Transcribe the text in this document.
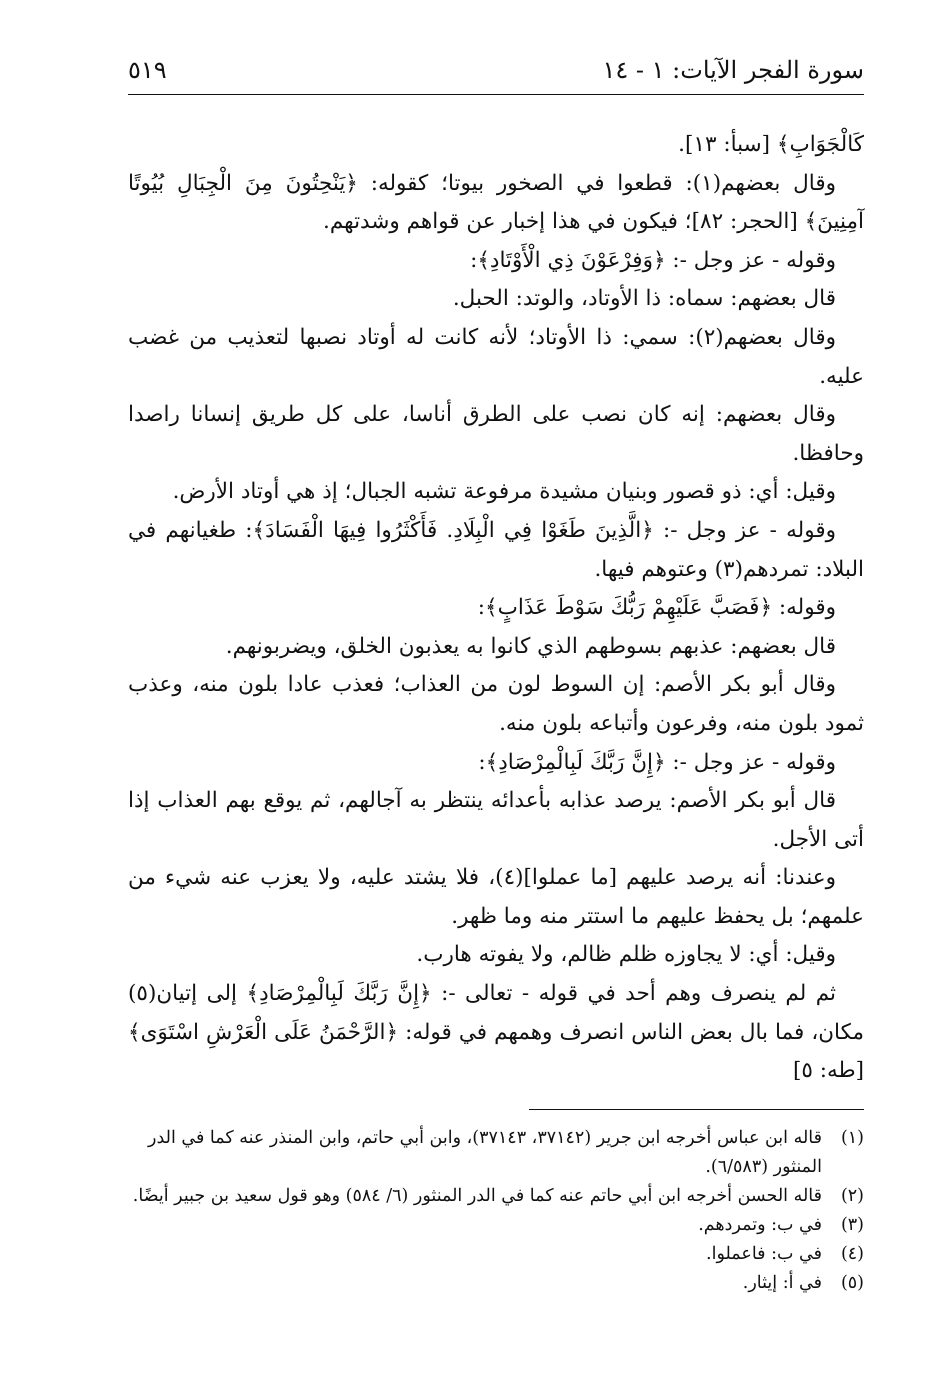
سورة الفجر الآيات: ١ - ١٤
٥١٩

كَالْجَوَابِ﴾ [سبأ: ١٣].

وقال بعضهم(١): قطعوا في الصخور بيوتا؛ كقوله: ﴿يَنْحِتُونَ مِنَ الْجِبَالِ بُيُوتًا آمِنِينَ﴾ [الحجر: ٨٢]؛ فيكون في هذا إخبار عن قواهم وشدتهم.

وقوله - عز وجل -: ﴿وَفِرْعَوْنَ ذِي الْأَوْتَادِ﴾:

قال بعضهم: سماه: ذا الأوتاد، والوتد: الحبل.

وقال بعضهم(٢): سمي: ذا الأوتاد؛ لأنه كانت له أوتاد نصبها لتعذيب من غضب عليه.

وقال بعضهم: إنه كان نصب على الطرق أناسا، على كل طريق إنسانا راصدا وحافظا.

وقيل: أي: ذو قصور وبنيان مشيدة مرفوعة تشبه الجبال؛ إذ هي أوتاد الأرض.

وقوله - عز وجل -: ﴿الَّذِينَ طَغَوْا فِي الْبِلَادِ. فَأَكْثَرُوا فِيهَا الْفَسَادَ﴾: طغيانهم في البلاد: تمردهم(٣) وعتوهم فيها.

وقوله: ﴿فَصَبَّ عَلَيْهِمْ رَبُّكَ سَوْطَ عَذَابٍ﴾:

قال بعضهم: عذبهم بسوطهم الذي كانوا به يعذبون الخلق، ويضربونهم.

وقال أبو بكر الأصم: إن السوط لون من العذاب؛ فعذب عادا بلون منه، وعذب ثمود بلون منه، وفرعون وأتباعه بلون منه.

وقوله - عز وجل -: ﴿إِنَّ رَبَّكَ لَبِالْمِرْصَادِ﴾:

قال أبو بكر الأصم: يرصد عذابه بأعدائه ينتظر به آجالهم، ثم يوقع بهم العذاب إذا أتى الأجل.

وعندنا: أنه يرصد عليهم [ما عملوا](٤)، فلا يشتد عليه، ولا يعزب عنه شيء من علمهم؛ بل يحفظ عليهم ما استتر منه وما ظهر.

وقيل: أي: لا يجاوزه ظلم ظالم، ولا يفوته هارب.

ثم لم ينصرف وهم أحد في قوله - تعالى -: ﴿إِنَّ رَبَّكَ لَبِالْمِرْصَادِ﴾ إلى إتيان(٥) مكان، فما بال بعض الناس انصرف وهمهم في قوله: ﴿الرَّحْمَنُ عَلَى الْعَرْشِ اسْتَوَى﴾ [طه: ٥]

(١)
قاله ابن عباس أخرجه ابن جرير (٣٧١٤٢، ٣٧١٤٣)، وابن أبي حاتم، وابن المنذر عنه كما في الدر المنثور (٦/٥٨٣).
(٢)
قاله الحسن أخرجه ابن أبي حاتم عنه كما في الدر المنثور (٦/ ٥٨٤) وهو قول سعيد بن جبير أيضًا.
(٣)
في ب: وتمردهم.
(٤)
في ب: فاعملوا.
(٥)
في أ: إيثار.
